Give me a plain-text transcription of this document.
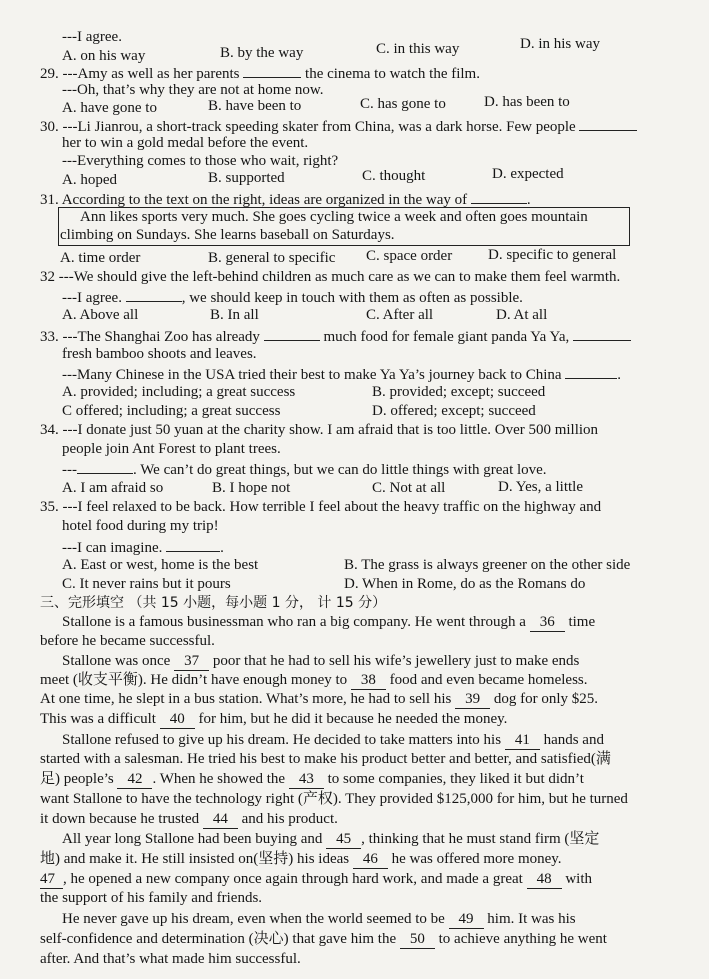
---I agree.
A. on his way	B. by the way	C. in this way	D. in his way
29. ---Amy as well as her parents	the cinema to watch the film.
---Oh, that’s why they are not at home now.
A. have gone to	B. have been to	C. has gone to	D. has been to
30. ---Li Jianrou, a short-track speeding skater from China, was a dark horse. Few people
her to win a gold medal before the event.
---Everything comes to those who wait, right?
A. hoped	B. supported	C. thought	D. expected
31. According to the text on the right, ideas are organized in the way of	.
Ann likes sports very much. She goes cycling twice a week and often goes mountain
climbing on Sundays. She learns baseball on Saturdays.
A. time order	B. general to specific C. space order D. specific to general
32 ---We should give the left-behind children as much care as we can to make them feel warmth.
---I agree.	, we should keep in touch with them as often as possible.
A. Above all	B. In all	C. After all	D. At all
33. ---The Shanghai Zoo has already	much food for female giant panda Ya Ya,
fresh bamboo shoots and leaves.
---Many Chinese in the USA tried their best to make Ya Ya’s journey back to China	.
A. provided; including; a great success	B. provided; except; succeed
C offered; including; a great success	D. offered; except; succeed
34. ---I donate just 50 yuan at the charity show. I am afraid that is too little. Over 500 million
people join Ant Forest to plant trees.
---	. We can’t do great things, but we can do little things with great love.
A. I am afraid so	B. I hope not	C. Not at all	D. Yes, a little
35. ---I feel relaxed to be back. How terrible I feel about the heavy traffic on the highway and
hotel food during my trip!
---I can imagine.	.
A. East or west, home is the best	B. The grass is always greener on the other side
C. It never rains but it pours	D. When in Rome, do as the Romans do
三、完形填空 （共 15 小题，每小题 1 分， 计 15 分）
Stallone is a famous businessman who ran a big company. He went through a 36 time
before he became successful.
Stallone was once 37 poor that he had to sell his wife’s jewellery just to make ends
meet (收支平衡). He didn’t have enough money to 38 food and even became homeless.
At one time, he slept in a bus station. What’s more, he had to sell his 39 dog for only $25.
This was a difficult 40 for him, but he did it because he needed the money.
Stallone refused to give up his dream. He decided to take matters into his 41 hands and
started with a salesman. He tried his best to make his product better and better, and satisfied(满
足) people’s 42 . When he showed the 43 to some companies, they liked it but didn’t
want Stallone to have the technology right (产权). They provided $125,000 for him, but he turned
it down because he trusted 44 and his product.
All year long Stallone had been buying and 45 , thinking that he must stand firm (坚定
地) and make it. He still insisted on(坚持) his ideas 46 he was offered more money.
47 , he opened a new company once again through hard work, and made a great 48 with
the support of his family and friends.
He never gave up his dream, even when the world seemed to be 49 him. It was his
self-confidence and determination (决心) that gave him the 50 to achieve anything he went
after. And that’s what made him successful.
